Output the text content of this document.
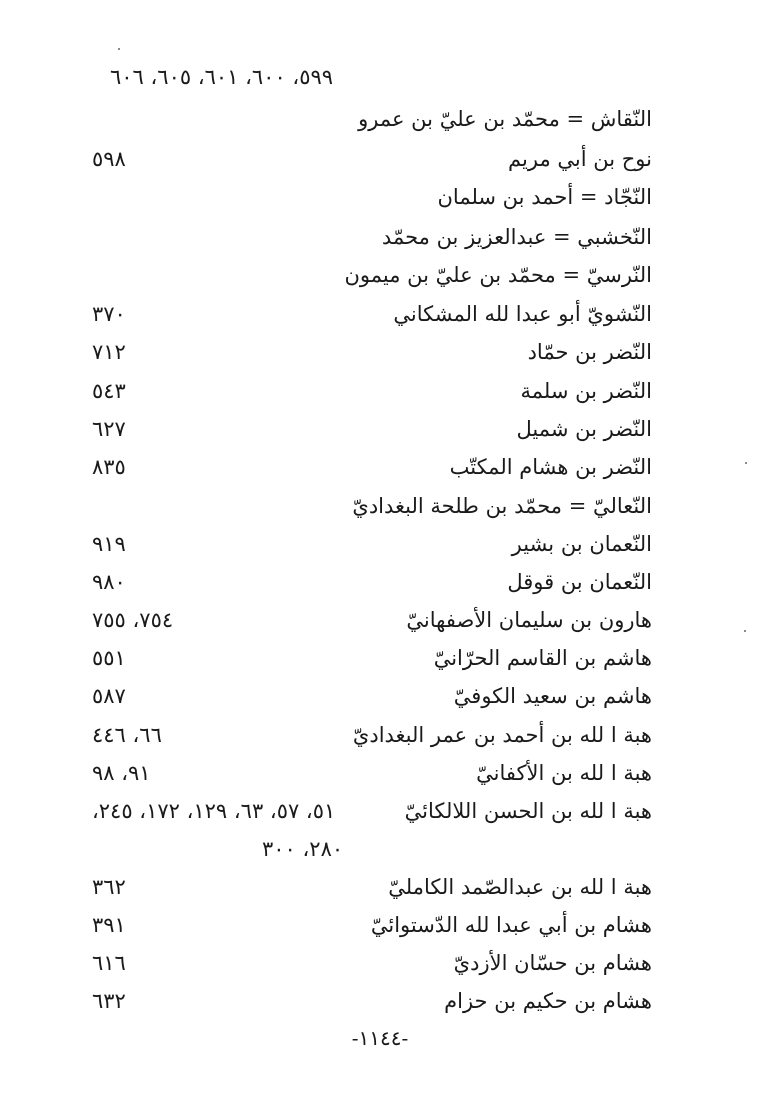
٥٩٩، ٦٠٠، ٦٠١، ٦٠٥، ٦٠٦
النّقاش = محمّد بن عليّ بن عمرو
نوح بن أبي مريم
٥٩٨
النّجّاد = أحمد بن سلمان
النّخشبي = عبدالعزيز بن محمّد
النّرسيّ = محمّد بن عليّ بن ميمون
النّشويّ أبو عبدا لله المشكاني
٣٧٠
النّضر بن حمّاد
٧١٢
النّضر بن سلمة
٥٤٣
النّضر بن شميل
٦٢٧
النّضر بن هشام المكتّب
٨٣٥
النّعاليّ = محمّد بن طلحة البغداديّ
النّعمان بن بشير
٩١٩
النّعمان بن قوقل
٩٨٠
هارون بن سليمان الأصفهانيّ
٧٥٤، ٧٥٥
هاشم بن القاسم الحرّانيّ
٥٥١
هاشم بن سعيد الكوفيّ
٥٨٧
هبة ا لله بن أحمد بن عمر البغداديّ
٦٦، ٤٤٦
هبة ا لله بن الأكفانيّ
٩١، ٩٨
هبة ا لله بن الحسن اللالكائيّ
٥١، ٥٧، ٦٣، ١٢٩، ١٧٢، ٢٤٥،
٢٨٠، ٣٠٠
هبة ا لله بن عبدالصّمد الكامليّ
٣٦٢
هشام بن أبي عبدا لله الدّستوائيّ
٣٩١
هشام بن حسّان الأزديّ
٦١٦
هشام بن حكيم بن حزام
٦٣٢
-١١٤٤-
